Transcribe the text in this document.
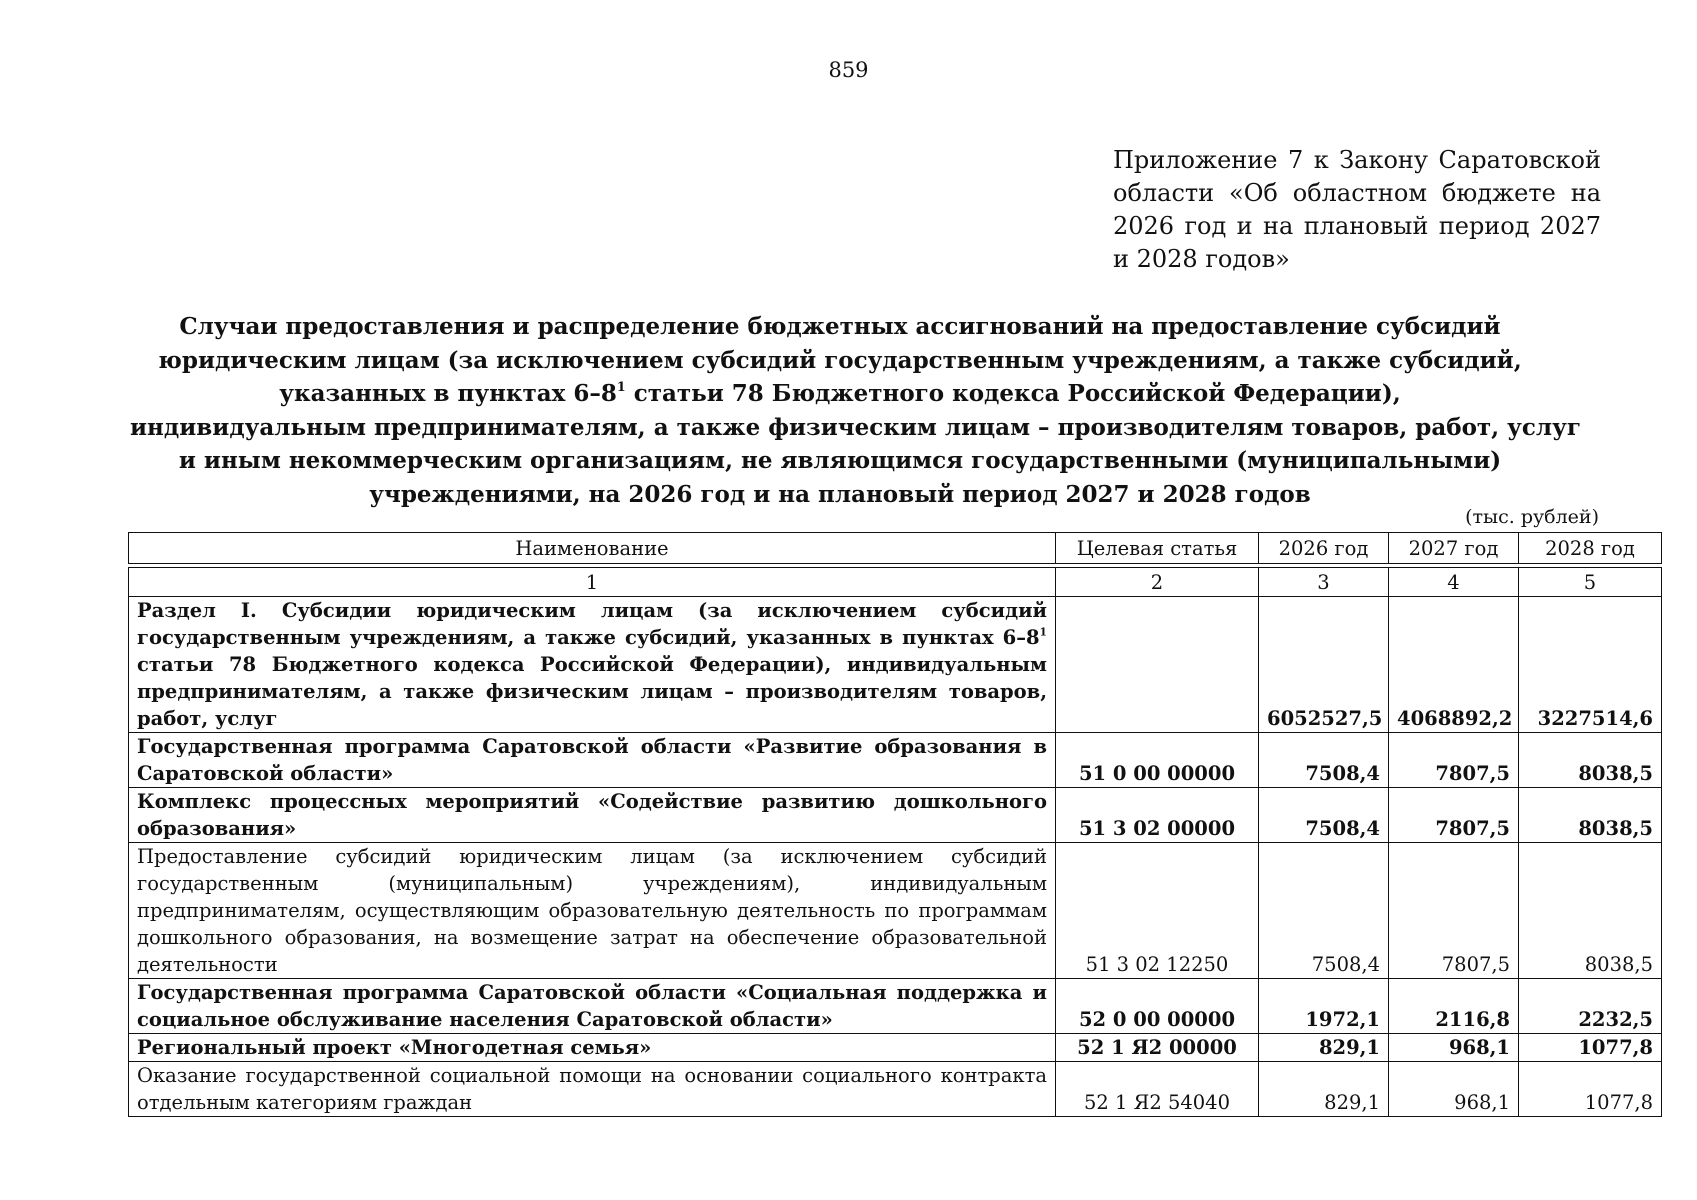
859
Приложение 7 к Закону Саратовской области «Об областном бюджете на 2026 год и на плановый период 2027 и 2028 годов»
Случаи предоставления и распределение бюджетных ассигнований на предоставление субсидий
юридическим лицам (за исключением субсидий государственным учреждениям, а также субсидий,
указанных в пунктах $6-8^1$ статьи 78 Бюджетного кодекса Российской Федерации),
индивидуальным предпринимателям, а также физическим лицам – производителям товаров, работ, услуг
и иным некоммерческим организациям, не являющимся государственными (муниципальными)
учреждениями, на 2026 год и на плановый период 2027 и 2028 годов
(тыс. рублей)
Наименование	Целевая статья	2026 год	2027 год	2028 год

1	2	3	4	5
Раздел I. Субсидии юридическим лицам (за исключением субсидий государственным учреждениям, а также субсидий, указанных в пунктах $6-8^1$ статьи 78 Бюджетного кодекса Российской Федерации), индивидуальным предпринимателям, а также физическим лицам – производителям товаров, работ, услуг		6052527,5	4068892,2	3227514,6
Государственная программа Саратовской области «Развитие образования в Саратовской области»	51 0 00 00000	7508,4	7807,5	8038,5
Комплекс процессных мероприятий «Содействие развитию дошкольного образования»	51 3 02 00000	7508,4	7807,5	8038,5
Предоставление субсидий юридическим лицам (за исключением субсидий государственным (муниципальным) учреждениям), индивидуальным предпринимателям, осуществляющим образовательную деятельность по программам дошкольного образования, на возмещение затрат на обеспечение образовательной деятельности	51 3 02 12250	7508,4	7807,5	8038,5
Государственная программа Саратовской области «Социальная поддержка и социальное обслуживание населения Саратовской области»	52 0 00 00000	1972,1	2116,8	2232,5
Региональный проект «Многодетная семья»	52 1 Я2 00000	829,1	968,1	1077,8
Оказание государственной социальной помощи на основании социального контракта отдельным категориям граждан	52 1 Я2 54040	829,1	968,1	1077,8
